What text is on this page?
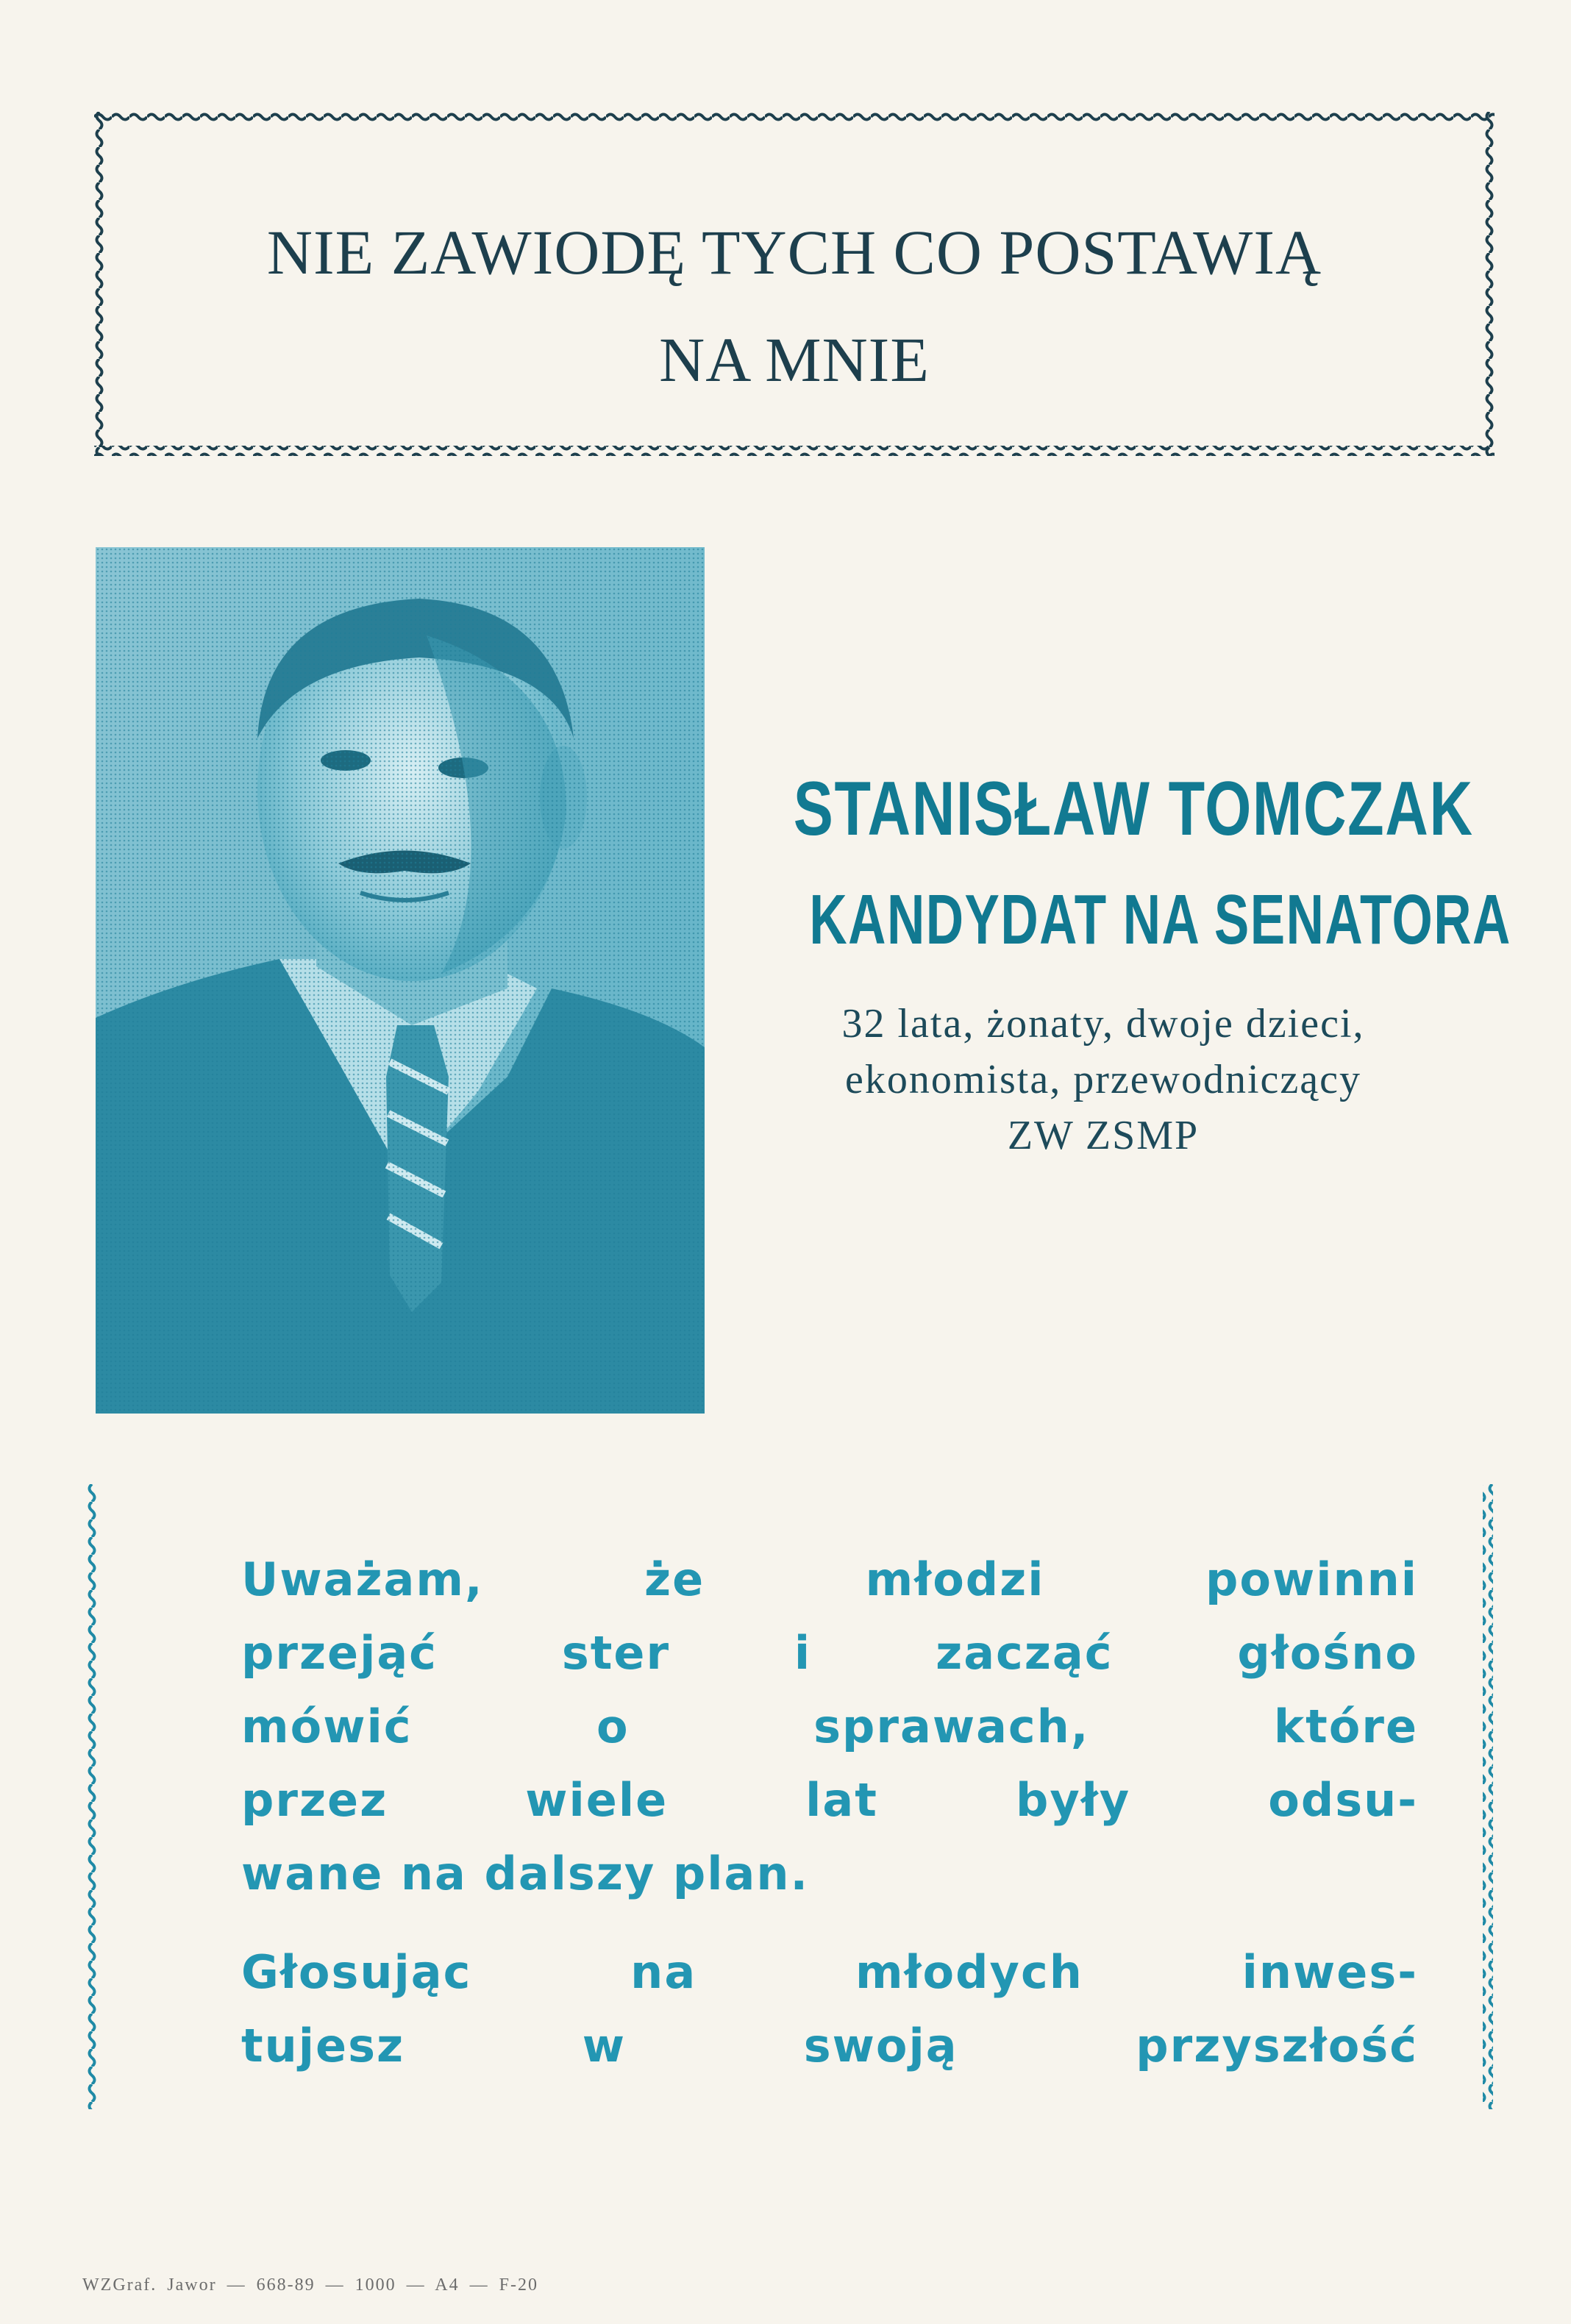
NIE ZAWIODĘ TYCH CO POSTAWIĄ
NA MNIE
STANISŁAW TOMCZAK
KANDYDAT NA SENATORA
32 lata, żonaty, dwoje dzieci,
ekonomista, przewodniczący
ZW ZSMP
Uważam, że młodzi powinni
przejąć ster i zacząć głośno
mówić o sprawach, które
przez wiele lat były odsu-
wane na dalszy plan.
Głosując na młodych inwes-
tujesz w swoją przyszłość
WZGraf. Jawor — 668-89 — 1000 — A4 — F-20
